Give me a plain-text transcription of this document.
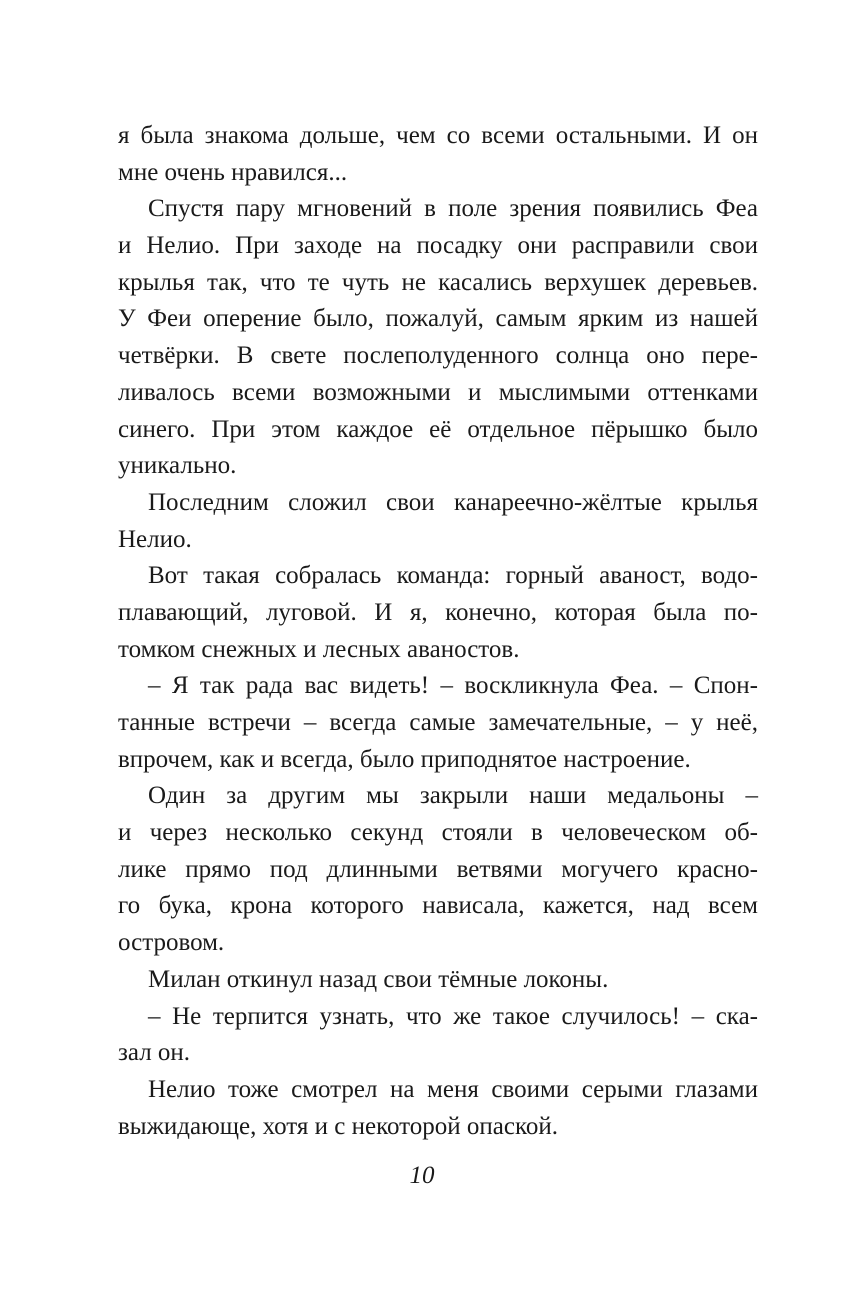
я была знакома дольше, чем со всеми остальными. И он
мне очень нравился...
Спустя пару мгновений в поле зрения появились Феа
и Нелио. При заходе на посадку они расправили свои
крылья так, что те чуть не касались верхушек деревьев.
У Феи оперение было, пожалуй, самым ярким из нашей
четвёрки. В свете послеполуденного солнца оно пере-
ливалось всеми возможными и мыслимыми оттенками
синего. При этом каждое её отдельное пёрышко было
уникально.
Последним сложил свои канареечно-жёлтые крылья
Нелио.
Вот такая собралась команда: горный аваност, водо-
плавающий, луговой. И я, конечно, которая была по-
томком снежных и лесных аваностов.
– Я так рада вас видеть! – воскликнула Феа. – Спон-
танные встречи – всегда самые замечательные, – у неё,
впрочем, как и всегда, было приподнятое настроение.
Один за другим мы закрыли наши медальоны –
и через несколько секунд стояли в человеческом об-
лике прямо под длинными ветвями могучего красно-
го бука, крона которого нависала, кажется, над всем
островом.
Милан откинул назад свои тёмные локоны.
– Не терпится узнать, что же такое случилось! – ска-
зал он.
Нелио тоже смотрел на меня своими серыми глазами
выжидающе, хотя и с некоторой опаской.
10
